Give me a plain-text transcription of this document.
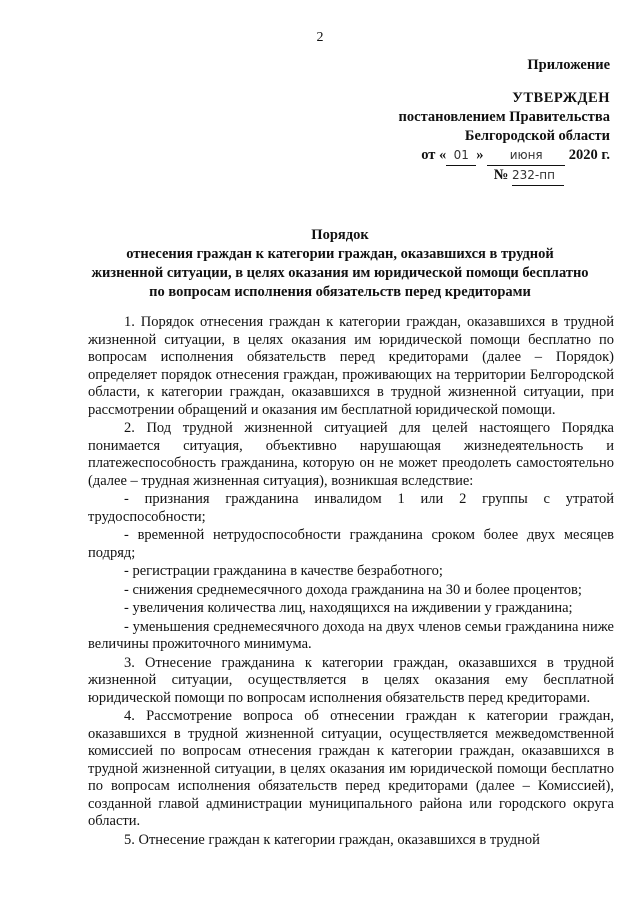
2
Приложение
УТВЕРЖДЕН
постановлением Правительства
Белгородской области
от « 01 » июня 2020 г.
№ 232-пп

Порядок

отнесения граждан к категории граждан, оказавшихся в трудной

жизненной ситуации, в целях оказания им юридической помощи бесплатно

по вопросам исполнения обязательств перед кредиторами

1. Порядок отнесения граждан к категории граждан, оказавшихся в трудной жизненной ситуации, в целях оказания им юридической помощи бесплатно по вопросам исполнения обязательств перед кредиторами (далее – Порядок) определяет порядок отнесения граждан, проживающих на территории Белгородской области, к категории граждан, оказавшихся в трудной жизненной ситуации, при рассмотрении обращений и оказания им бесплатной юридической помощи.

2. Под трудной жизненной ситуацией для целей настоящего Порядка понимается ситуация, объективно нарушающая жизнедеятельность и платежеспособность гражданина, которую он не может преодолеть самостоятельно (далее – трудная жизненная ситуация), возникшая вследствие:

- признания гражданина инвалидом 1 или 2 группы с утратой трудоспособности;

- временной нетрудоспособности гражданина сроком более двух месяцев подряд;

- регистрации гражданина в качестве безработного;

- снижения среднемесячного дохода гражданина на 30 и более процентов;

- увеличения количества лиц, находящихся на иждивении у гражданина;

- уменьшения среднемесячного дохода на двух членов семьи гражданина ниже величины прожиточного минимума.

3. Отнесение гражданина к категории граждан, оказавшихся в трудной жизненной ситуации, осуществляется в целях оказания ему бесплатной юридической помощи по вопросам исполнения обязательств перед кредиторами.

4. Рассмотрение вопроса об отнесении граждан к категории граждан, оказавшихся в трудной жизненной ситуации, осуществляется межведомственной комиссией по вопросам отнесения граждан к категории граждан, оказавшихся в трудной жизненной ситуации, в целях оказания им юридической помощи бесплатно по вопросам исполнения обязательств перед кредиторами (далее – Комиссией), созданной главой администрации муниципального района или городского округа области.

5. Отнесение граждан к категории граждан, оказавшихся в трудной
